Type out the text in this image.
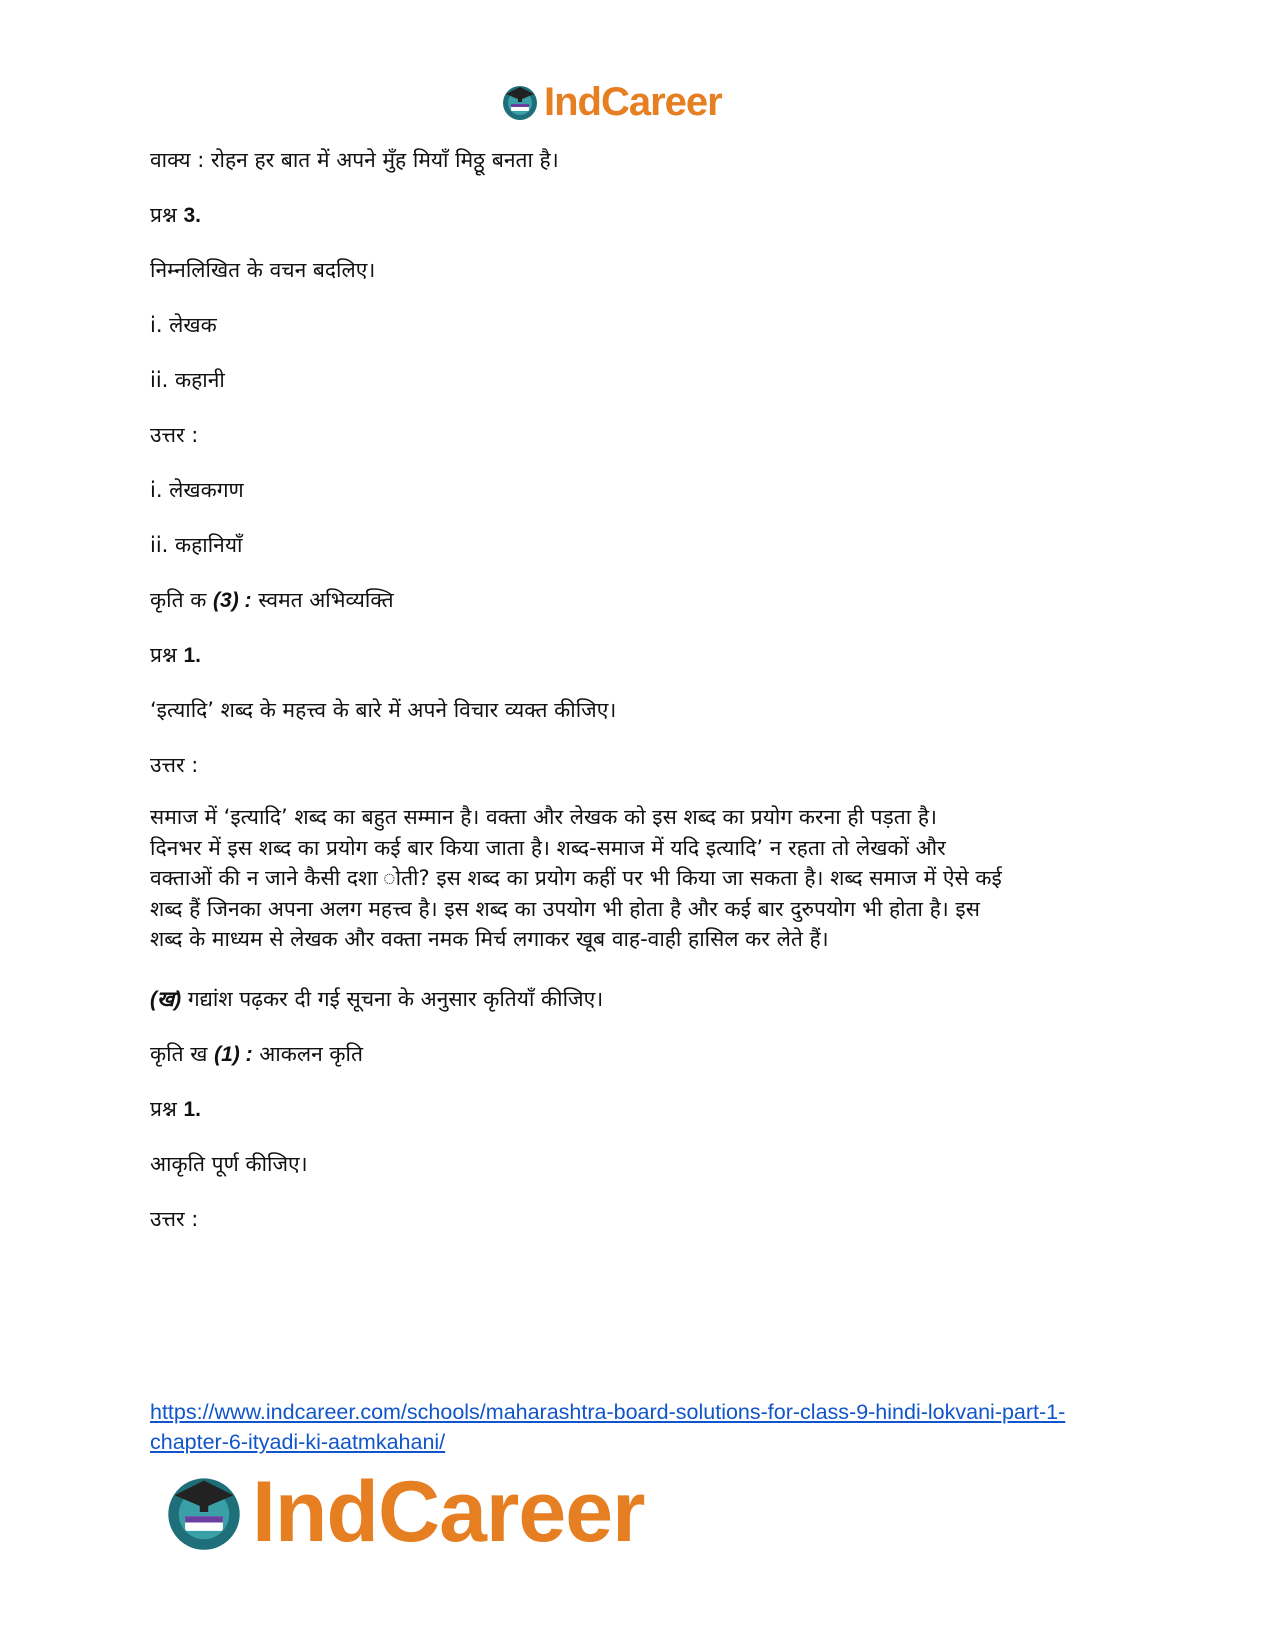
IndCareer
वाक्य : रोहन हर बात में अपने मुँह मियाँ मिठ्ठू बनता है।
प्रश्न 3.
निम्नलिखित के वचन बदलिए।
i. लेखक
ii. कहानी
उत्तर :
i. लेखकगण
ii. कहानियाँ
कृति क (3) : स्वमत अभिव्यक्ति
प्रश्न 1.
‘इत्यादि’ शब्द के महत्त्व के बारे में अपने विचार व्यक्त कीजिए।
उत्तर :
समाज में ‘इत्यादि’ शब्द का बहुत सम्मान है। वक्ता और लेखक को इस शब्द का प्रयोग करना ही पड़ता है।
दिनभर में इस शब्द का प्रयोग कई बार किया जाता है। शब्द-समाज में यदि इत्यादि’ न रहता तो लेखकों और
वक्ताओं की न जाने कैसी दशा ोती? इस शब्द का प्रयोग कहीं पर भी किया जा सकता है। शब्द समाज में ऐसे कई
शब्द हैं जिनका अपना अलग महत्त्व है। इस शब्द का उपयोग भी होता है और कई बार दुरुपयोग भी होता है। इस
शब्द के माध्यम से लेखक और वक्ता नमक मिर्च लगाकर खूब वाह-वाही हासिल कर लेते हैं।
(ख) गद्यांश पढ़कर दी गई सूचना के अनुसार कृतियाँ कीजिए।
कृति ख (1) : आकलन कृति
प्रश्न 1.
आकृति पूर्ण कीजिए।
उत्तर :
https://www.indcareer.com/schools/maharashtra-board-solutions-for-class-9-hindi-lokvani-part-1-
chapter-6-ityadi-ki-aatmkahani/
IndCareer
